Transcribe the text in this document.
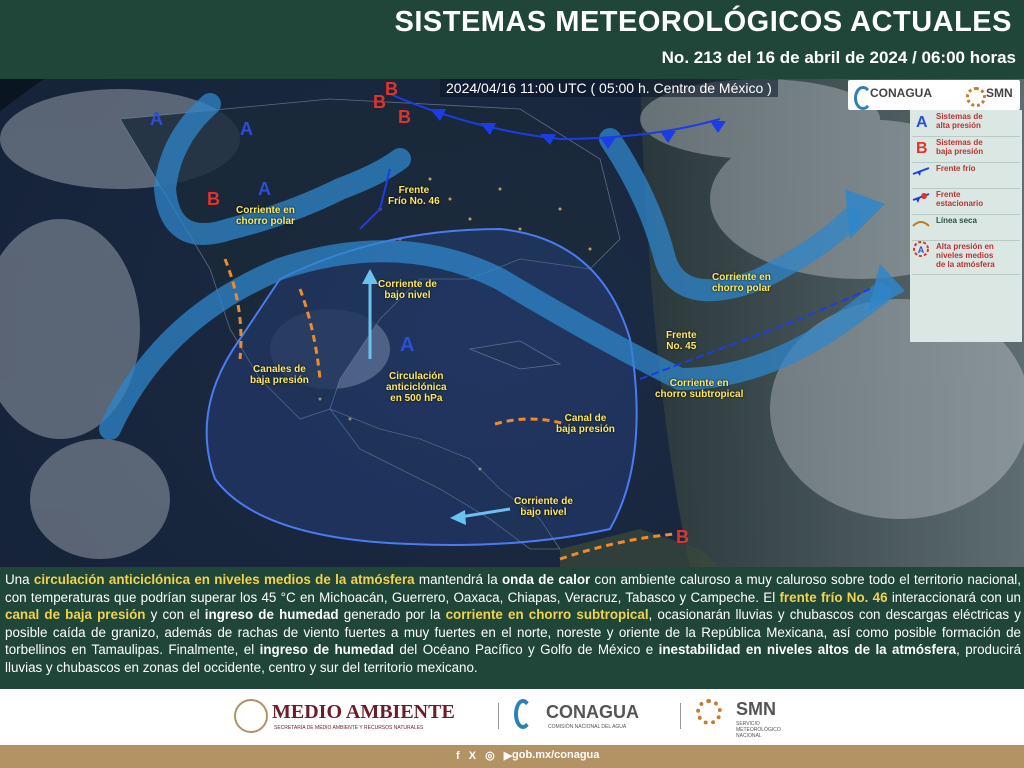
SISTEMAS METEOROLÓGICOS ACTUALES
No. 213 del 16 de abril de 2024 / 06:00 horas
2024/04/16 11:00 UTC ( 05:00 h. Centro de México )	CONAGUA	SMN
A	Sistemas de
alta presión
B	Sistemas de
baja presión
Frente frío
Frente
estacionario
Línea seca
A Alta presión en
niveles medios
de la atmósfera
A	A
A
A
B
B
B
B
B
Frente
Frío No. 46
Corriente en
chorro polar
Corriente de
bajo nivel
Canales de
baja presión	Circulación
anticiclónica
en 500 hPa
Canal de
baja presión
Corriente de
bajo nivel
Frente
No. 45
Corriente en
chorro subtropical
Corriente en
chorro polar
Una circulación anticiclónica en niveles medios de la atmósfera mantendrá la onda de calor con ambiente caluroso a muy caluroso sobre todo el territorio nacional, con temperaturas que podrían superar los 45 °C en Michoacán, Guerrero, Oaxaca, Chiapas, Veracruz, Tabasco y Campeche. El frente frío No. 46 interaccionará con un canal de baja presión y con el ingreso de humedad generado por la corriente en chorro subtropical, ocasionarán lluvias y chubascos con descargas eléctricas y posible caída de granizo, además de rachas de viento fuertes a muy fuertes en el norte, noreste y oriente de la República Mexicana, así como posible formación de torbellinos en Tamaulipas. Finalmente, el ingreso de humedad del Océano Pacífico y Golfo de México e inestabilidad en niveles altos de la atmósfera, producirá lluvias y chubascos en zonas del occidente, centro y sur del territorio mexicano.
MEDIO AMBIENTE
SECRETARÍA DE MEDIO AMBIENTE Y RECURSOS NATURALES
CONAGUA
COMISIÓN NACIONAL DEL AGUA
SMN
SERVICIO METEOROLÓGICO NACIONAL
f X ◎ ▶
gob.mx/conagua
